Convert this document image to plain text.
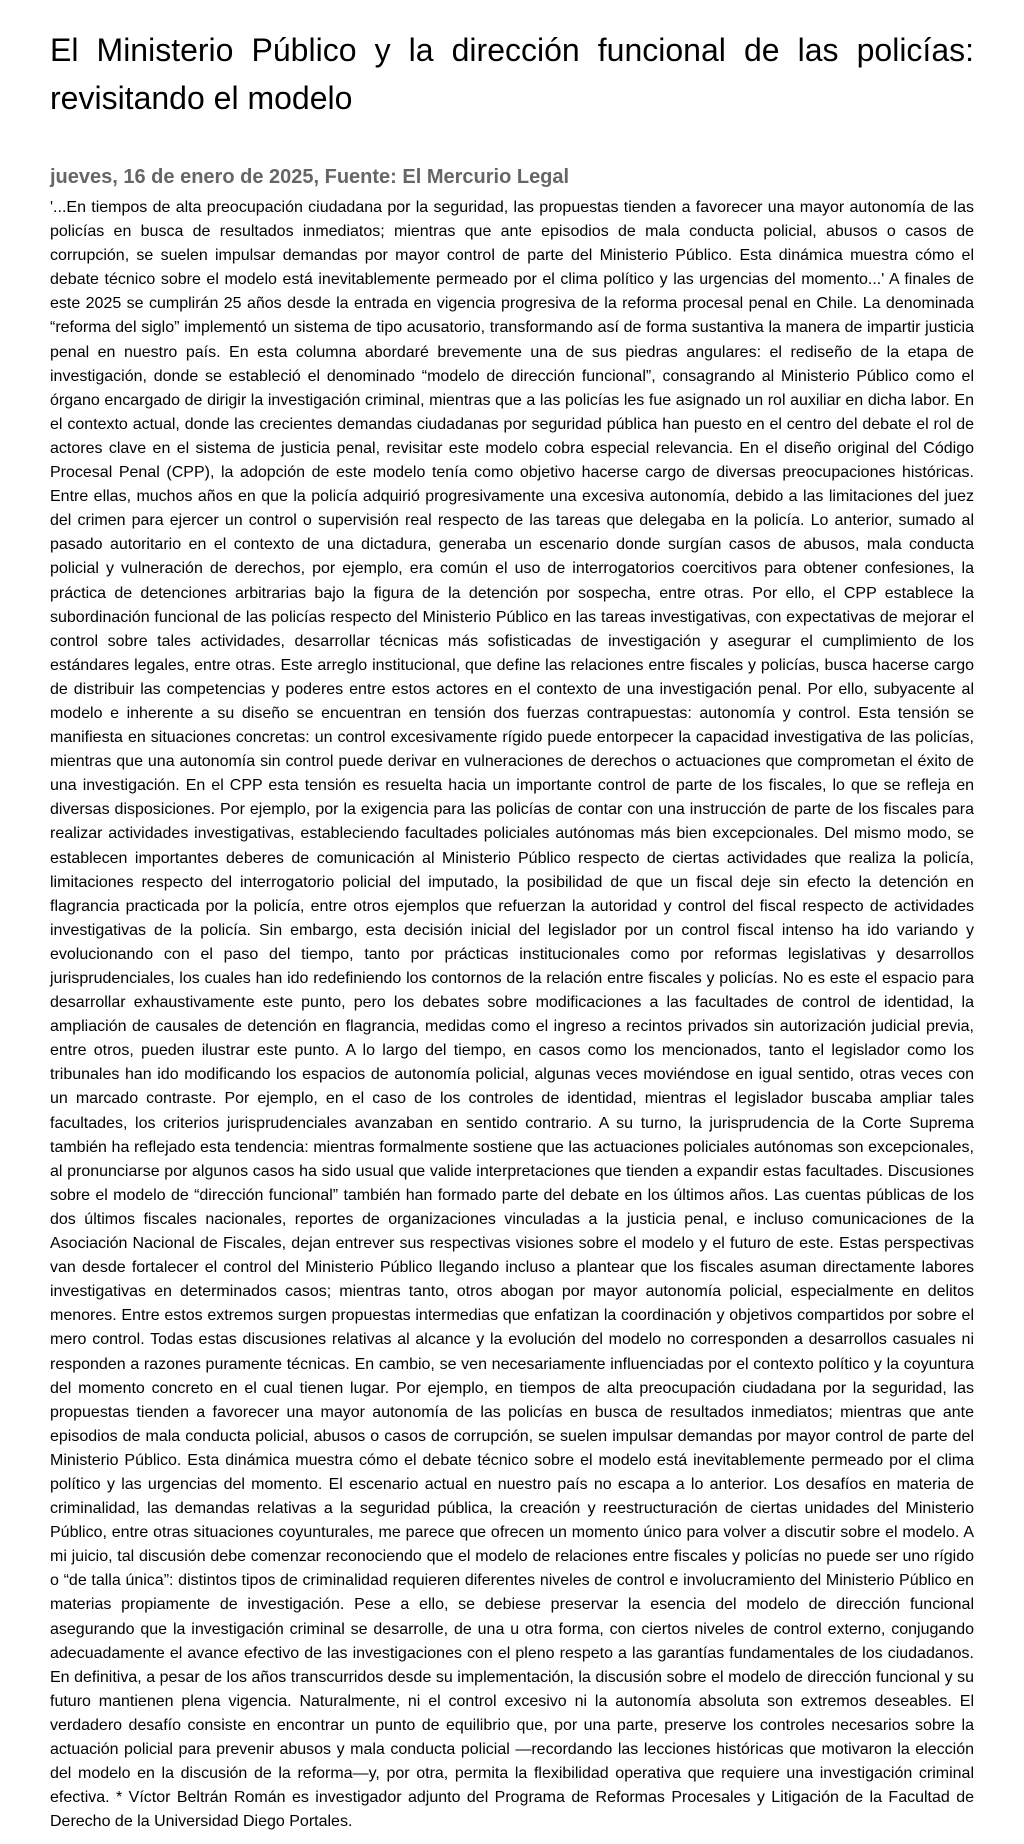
El Ministerio Público y la dirección funcional de las policías: revisitando el modelo
jueves, 16 de enero de 2025, Fuente: El Mercurio Legal

'...En tiempos de alta preocupación ciudadana por la seguridad, las propuestas tienden a favorecer una mayor autonomía de las policías en busca de resultados inmediatos; mientras que ante episodios de mala conducta policial, abusos o casos de corrupción, se suelen impulsar demandas por mayor control de parte del Ministerio Público. Esta dinámica muestra cómo el debate técnico sobre el modelo está inevitablemente permeado por el clima político y las urgencias del momento...' A finales de este 2025 se cumplirán 25 años desde la entrada en vigencia progresiva de la reforma procesal penal en Chile. La denominada “reforma del siglo” implementó un sistema de tipo acusatorio, transformando así de forma sustantiva la manera de impartir justicia penal en nuestro país. En esta columna abordaré brevemente una de sus piedras angulares: el rediseño de la etapa de investigación, donde se estableció el denominado “modelo de dirección funcional”, consagrando al Ministerio Público como el órgano encargado de dirigir la investigación criminal, mientras que a las policías les fue asignado un rol auxiliar en dicha labor. En el contexto actual, donde las crecientes demandas ciudadanas por seguridad pública han puesto en el centro del debate el rol de actores clave en el sistema de justicia penal, revisitar este modelo cobra especial relevancia. En el diseño original del Código Procesal Penal (CPP), la adopción de este modelo tenía como objetivo hacerse cargo de diversas preocupaciones históricas. Entre ellas, muchos años en que la policía adquirió progresivamente una excesiva autonomía, debido a las limitaciones del juez del crimen para ejercer un control o supervisión real respecto de las tareas que delegaba en la policía. Lo anterior, sumado al pasado autoritario en el contexto de una dictadura, generaba un escenario donde surgían casos de abusos, mala conducta policial y vulneración de derechos, por ejemplo, era común el uso de interrogatorios coercitivos para obtener confesiones, la práctica de detenciones arbitrarias bajo la figura de la detención por sospecha, entre otras. Por ello, el CPP establece la subordinación funcional de las policías respecto del Ministerio Público en las tareas investigativas, con expectativas de mejorar el control sobre tales actividades, desarrollar técnicas más sofisticadas de investigación y asegurar el cumplimiento de los estándares legales, entre otras. Este arreglo institucional, que define las relaciones entre fiscales y policías, busca hacerse cargo de distribuir las competencias y poderes entre estos actores en el contexto de una investigación penal. Por ello, subyacente al modelo e inherente a su diseño se encuentran en tensión dos fuerzas contrapuestas: autonomía y control. Esta tensión se manifiesta en situaciones concretas: un control excesivamente rígido puede entorpecer la capacidad investigativa de las policías, mientras que una autonomía sin control puede derivar en vulneraciones de derechos o actuaciones que comprometan el éxito de una investigación. En el CPP esta tensión es resuelta hacia un importante control de parte de los fiscales, lo que se refleja en diversas disposiciones. Por ejemplo, por la exigencia para las policías de contar con una instrucción de parte de los fiscales para realizar actividades investigativas, estableciendo facultades policiales autónomas más bien excepcionales. Del mismo modo, se establecen importantes deberes de comunicación al Ministerio Público respecto de ciertas actividades que realiza la policía, limitaciones respecto del interrogatorio policial del imputado, la posibilidad de que un fiscal deje sin efecto la detención en flagrancia practicada por la policía, entre otros ejemplos que refuerzan la autoridad y control del fiscal respecto de actividades investigativas de la policía. Sin embargo, esta decisión inicial del legislador por un control fiscal intenso ha ido variando y evolucionando con el paso del tiempo, tanto por prácticas institucionales como por reformas legislativas y desarrollos jurisprudenciales, los cuales han ido redefiniendo los contornos de la relación entre fiscales y policías. No es este el espacio para desarrollar exhaustivamente este punto, pero los debates sobre modificaciones a las facultades de control de identidad, la ampliación de causales de detención en flagrancia, medidas como el ingreso a recintos privados sin autorización judicial previa, entre otros, pueden ilustrar este punto. A lo largo del tiempo, en casos como los mencionados, tanto el legislador como los tribunales han ido modificando los espacios de autonomía policial, algunas veces moviéndose en igual sentido, otras veces con un marcado contraste. Por ejemplo, en el caso de los controles de identidad, mientras el legislador buscaba ampliar tales facultades, los criterios jurisprudenciales avanzaban en sentido contrario. A su turno, la jurisprudencia de la Corte Suprema también ha reflejado esta tendencia: mientras formalmente sostiene que las actuaciones policiales autónomas son excepcionales, al pronunciarse por algunos casos ha sido usual que valide interpretaciones que tienden a expandir estas facultades. Discusiones sobre el modelo de “dirección funcional” también han formado parte del debate en los últimos años. Las cuentas públicas de los dos últimos fiscales nacionales, reportes de organizaciones vinculadas a la justicia penal, e incluso comunicaciones de la Asociación Nacional de Fiscales, dejan entrever sus respectivas visiones sobre el modelo y el futuro de este. Estas perspectivas van desde fortalecer el control del Ministerio Público llegando incluso a plantear que los fiscales asuman directamente labores investigativas en determinados casos; mientras tanto, otros abogan por mayor autonomía policial, especialmente en delitos menores. Entre estos extremos surgen propuestas intermedias que enfatizan la coordinación y objetivos compartidos por sobre el mero control. Todas estas discusiones relativas al alcance y la evolución del modelo no corresponden a desarrollos casuales ni responden a razones puramente técnicas. En cambio, se ven necesariamente influenciadas por el contexto político y la coyuntura del momento concreto en el cual tienen lugar. Por ejemplo, en tiempos de alta preocupación ciudadana por la seguridad, las propuestas tienden a favorecer una mayor autonomía de las policías en busca de resultados inmediatos; mientras que ante episodios de mala conducta policial, abusos o casos de corrupción, se suelen impulsar demandas por mayor control de parte del Ministerio Público. Esta dinámica muestra cómo el debate técnico sobre el modelo está inevitablemente permeado por el clima político y las urgencias del momento. El escenario actual en nuestro país no escapa a lo anterior. Los desafíos en materia de criminalidad, las demandas relativas a la seguridad pública, la creación y reestructuración de ciertas unidades del Ministerio Público, entre otras situaciones coyunturales, me parece que ofrecen un momento único para volver a discutir sobre el modelo. A mi juicio, tal discusión debe comenzar reconociendo que el modelo de relaciones entre fiscales y policías no puede ser uno rígido o “de talla única”: distintos tipos de criminalidad requieren diferentes niveles de control e involucramiento del Ministerio Público en materias propiamente de investigación. Pese a ello, se debiese preservar la esencia del modelo de dirección funcional asegurando que la investigación criminal se desarrolle, de una u otra forma, con ciertos niveles de control externo, conjugando adecuadamente el avance efectivo de las investigaciones con el pleno respeto a las garantías fundamentales de los ciudadanos. En definitiva, a pesar de los años transcurridos desde su implementación, la discusión sobre el modelo de dirección funcional y su futuro mantienen plena vigencia. Naturalmente, ni el control excesivo ni la autonomía absoluta son extremos deseables. El verdadero desafío consiste en encontrar un punto de equilibrio que, por una parte, preserve los controles necesarios sobre la actuación policial para prevenir abusos y mala conducta policial —recordando las lecciones históricas que motivaron la elección del modelo en la discusión de la reforma—y, por otra, permita la flexibilidad operativa que requiere una investigación criminal efectiva. * Víctor Beltrán Román es investigador adjunto del Programa de Reformas Procesales y Litigación de la Facultad de Derecho de la Universidad Diego Portales.
